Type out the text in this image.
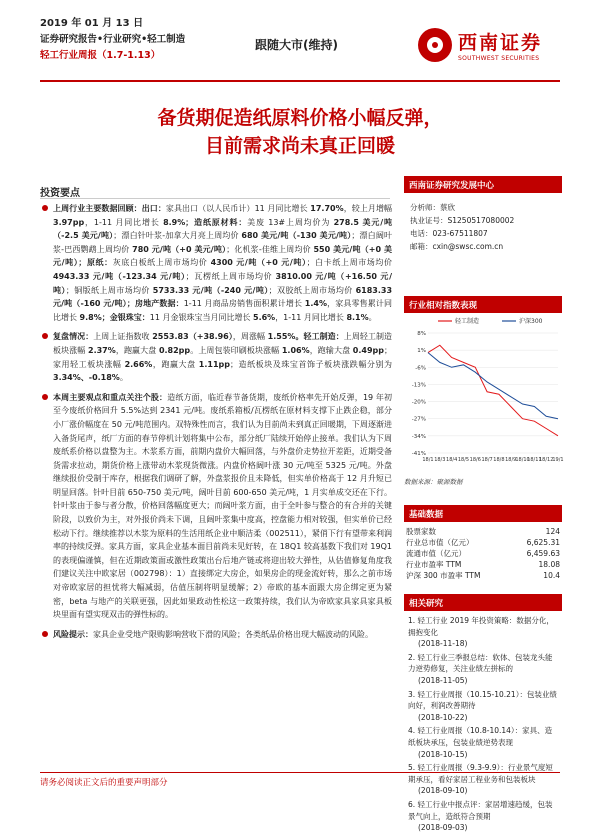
2019 年 01 月 13 日
证券研究报告•行业研究•轻工制造
轻工行业周报（1.7-1.13）
跟随大市(维持)	西南证券
SOUTHWEST SECURITIES
备货期促造纸原料价格小幅反弹，
目前需求尚未真正回暖
投资要点

上周行业主要数据回顾：出口：家具出口（以人民币计）11 月同比增长 17.70%，较上月增幅 3.97pp，1-11 月同比增长 8.9%；造纸原材料：美废 13#上周均价为 278.5 美元/吨（-2.5 美元/吨）；漂白针叶浆-加拿大月亮上周均价 680 美元/吨（-130 美元/吨）；漂白阔叶浆-巴西鹦鹉上周均价 780 元/吨（+0 美元/吨）；化机浆-佳维上周均价 550 美元/吨（+0 美元/吨）；原纸：灰底白板纸上周市场均价 4300 元/吨（+0 元/吨）；白卡纸上周市场均价 4943.33 元/吨（-123.34 元/吨）；瓦楞纸上周市场均价 3810.00 元/吨（+16.50 元/吨）；铜版纸上周市场均价 5733.33 元/吨（-240 元/吨）；双胶纸上周市场均价 6183.33 元/吨（-160 元/吨）；房地产数据：1-11 月商品房销售面积累计增长 1.4%，家具零售累计同比增长 9.8%；金银珠宝：11 月金银珠宝当月同比增长 5.6%，1-11 月同比增长 8.1%。

复盘情况：上周上证指数收 2553.83（+38.96），周涨幅 1.55%。轻工制造：上周轻工制造板块涨幅 2.37%，跑赢大盘 0.82pp。上周包装印刷板块涨幅 1.06%，跑输大盘 0.49pp；家用轻工板块涨幅 2.66%，跑赢大盘 1.11pp；造纸板块及珠宝首饰子板块涨跌幅分别为 3.34%、-0.18%。

本周主要观点和重点关注个股：造纸方面，临近春节备货期，废纸价格率先开始反弹，19 年初至今废纸价格回升 5.5%达到 2341 元/吨。废纸系箱板/瓦楞纸在原材料支撑下止跌企稳，部分小厂涨价幅度在 50 元/吨范围内。双特殊性而言，我们认为目前尚未到真正回暖期，下周逐渐进入备货尾声，纸厂方面的春节停机计划将集中公布，部分纸厂陆续开始停止接单。我们认为下周废纸系价格以盘整为主。木浆系方面，前期内盘价大幅回落，与外盘价走势拉开差距，近期受备货需求拉动，期货价格上涨带动木浆现货微涨。内盘价格阔叶涨 30 元/吨至 5325 元/吨。外盘继续报价受制于库存，根据我们调研了解，外盘浆报价且未降低，但实单价格高于 12 月升短已明显回落。针叶目前 650-750 美元/吨，阔叶目前 600-650 美元/吨，1 月实单成交还在下行。针叶浆由于参与者分散，价格回落幅度更大；而阔叶浆方面，由于全叶参与整合的有合并的关键阶段，以致价为主，对外报价尚未下调，且阔叶浆集中度高，控盘能力相对较强，但实单价已经松动下行。继续推荐以木浆为原料的生活用纸企业中顺洁柔（002511），紧俏下行有望带来利润率的持续反弹。家具方面，家具企业基本面目前尚未见好转，在 18Q1 较高基数下我们对 19Q1 的表现偏谨慎，但在近期政策面或激性政策出台后地产链或将迎出较大弹性，从估值修复角度我们建议关注中欧家居（002798）：1）直接绑定大房企，如果房企的现金流好转，那么之前市场对帝欧家居的担忧将大幅减弱，估值压制将明显缓解；2）帝欧的基本面跟大房企绑定更为紧密，beta 与地产的关联更强，因此如果政动性松这一政策持续，我们认为帝欧家具家具家具板块里面有望实现双击的弹性标的。

风险提示：家具企业受地产限购影响营收下滑的风险；各类纸品价格出现大幅波动的风险。

西南证券研究发展中心
分析师：蔡欣
执业证号：S1250517080002
电话：023-67511807
邮箱：cxin@swsc.com.cn
行业相对指数表现
8%
1%
-6%
-13%
-20%
-27%
-34%
-41%
18/1 18/3 18/4 18/5 18/6 18/7 18/8 18/9
18/10
18/11
18/12
19/1
轻工制造	沪深300
数据来源：聚源数据
基础数据
股票家数	124
行业总市值（亿元）	6,625.31
流通市值（亿元）	6,459.63
行业市盈率 TTM	18.08
沪深 300 市盈率 TTM	10.4
相关研究
1. 轻工行业 2019 年投资策略：数据分化，拥抱变化
(2018-11-18)
2. 轻工行业三季报总结：软体、包装龙头能力逆势修复，关注业绩左拼标的
(2018-11-05)
3. 轻工行业周报（10.15-10.21）：包装业绩向好，利润改善期待
(2018-10-22)
4. 轻工行业周报（10.8-10.14）：家具、造纸板块承压，包装业绩逆势表现
(2018-10-15)
5. 轻工行业周报（9.3-9.9）：行业景气度短期承压，看好家居工程业务和包装板块
(2018-09-10)
6. 轻工行业中报点评：家居增速趋缓，包装景气向上，造纸符合预期
(2018-09-03)
请务必阅读正文后的重要声明部分
